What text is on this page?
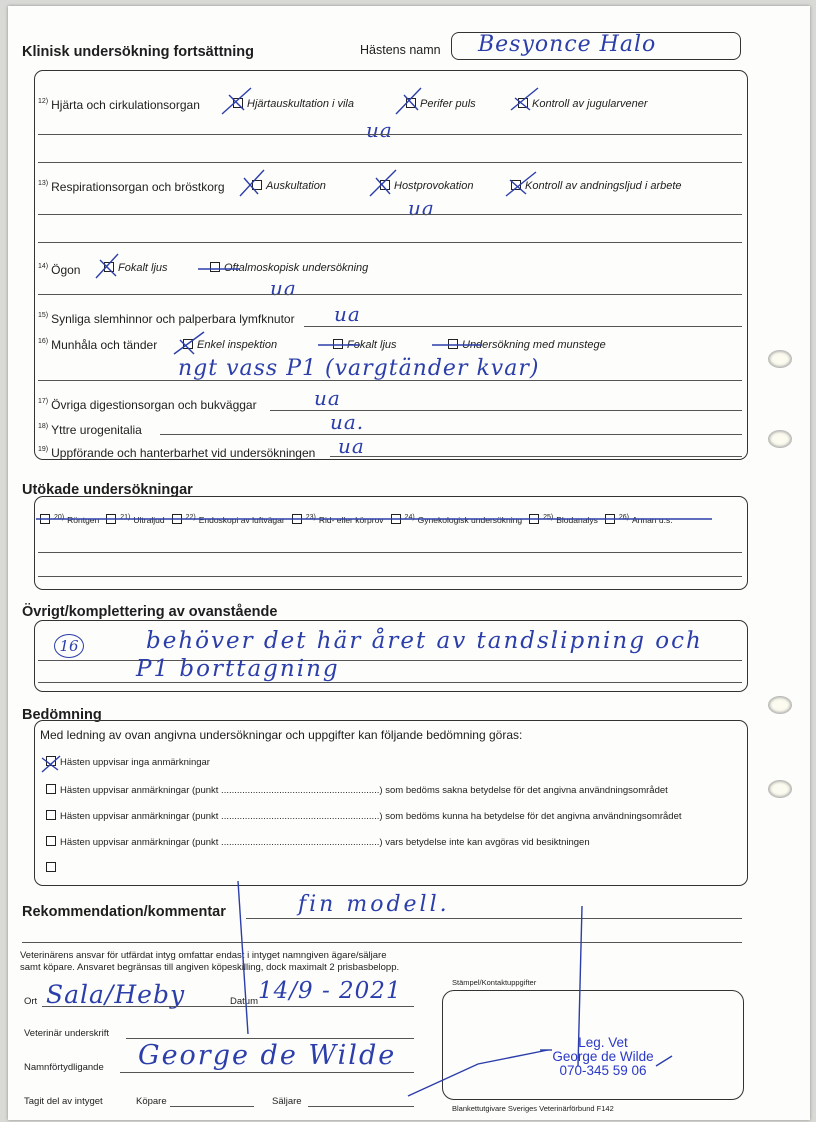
Klinisk undersökning fortsättning	Hästens namn Besyonce Halo
$^{12)}$ Hjärta och cirkulationsorgan	Hjärtauskultation i vila	Perifer puls	Kontroll av jugularvener
ua
$^{13)}$ Respirationsorgan och bröstkorg	Auskultation	Hostprovokation	Kontroll av andningsljud i arbete
ua
$^{14)}$ Ögon	Fokalt ljus	Oftalmoskopisk undersökning
ua
$^{15)}$ Synliga slemhinnor och palperbara lymfknutor ua
$^{16)}$ Munhåla och tänder	Enkel inspektion	Fokalt ljus	Undersökning med munstege
ngt vass P1 (vargtänder kvar)
$^{17)}$ Övriga digestionsorgan och bukväggar	ua
$^{18)}$ Yttre urogenitalia	ua.
$^{19)}$ Uppförande och hanterbarhet vid undersökningen ua
Utökade undersökningar
$^{20)}$ Röntgen	$^{21)}$ Ultraljud	$^{22)}$ Endoskopi av luftvägar	$^{23)}$ Rid- eller körprov	$^{24)}$ Gynekologisk undersökning	$^{25)}$ Blodanalys	$^{26)}$ Annan u.s.
Övrigt/komplettering av ovanstående
16	behöver det här året av tandslipning och
P1 borttagning
Bedömning
Med ledning av ovan angivna undersökningar och uppgifter kan följande bedömning göras:
Hästen uppvisar inga anmärkningar
Hästen uppvisar anmärkningar (punkt ............................................................) som bedöms sakna betydelse för det angivna användningsområdet
Hästen uppvisar anmärkningar (punkt ............................................................) som bedöms kunna ha betydelse för det angivna användningsområdet
Hästen uppvisar anmärkningar (punkt ............................................................) vars betydelse inte kan avgöras vid besiktningen
Rekommendation/kommentar	fin modell.
Veterinärens ansvar för utfärdat intyg omfattar endast i intyget namngiven ägare/säljare
samt köpare. Ansvaret begränsas till angiven köpeskilling, dock maximalt 2 prisbasbelopp.
Stämpel/Kontaktuppgifter
Ort Sala/Heby	Datum 14/9 - 2021
Veterinär underskrift
Namnförtydligande George de Wilde
Tagit del av intyget	Köpare	Säljare
Leg. Vet
George de Wilde
070-345 59 06
Blankettutgivare Sveriges Veterinärförbund F142
